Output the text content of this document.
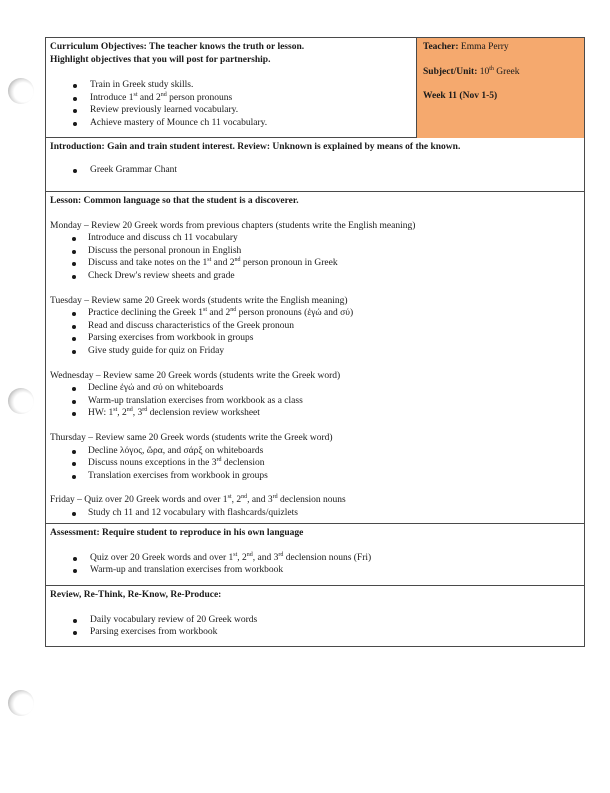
Curriculum Objectives: The teacher knows the truth or lesson.
Highlight objectives that you will post for partnership.
Train in Greek study skills.
Introduce 1st and 2nd person pronouns
Review previously learned vocabulary.
Achieve mastery of Mounce ch 11 vocabulary.
Teacher: Emma Perry
Subject/Unit: 10th Greek
Week 11 (Nov 1-5)
Introduction: Gain and train student interest. Review: Unknown is explained by means of the known.
Greek Grammar Chant
Lesson: Common language so that the student is a discoverer.
Monday – Review 20 Greek words from previous chapters (students write the English meaning)
Introduce and discuss ch 11 vocabulary
Discuss the personal pronoun in English
Discuss and take notes on the 1st and 2nd person pronoun in Greek
Check Drew's review sheets and grade
Tuesday – Review same 20 Greek words (students write the English meaning)
Practice declining the Greek 1st and 2nd person pronouns (ἐγώ and σύ)
Read and discuss characteristics of the Greek pronoun
Parsing exercises from workbook in groups
Give study guide for quiz on Friday
Wednesday – Review same 20 Greek words (students write the Greek word)
Decline ἐγώ and σύ on whiteboards
Warm-up translation exercises from workbook as a class
HW: 1st, 2nd, 3rd declension review worksheet
Thursday – Review same 20 Greek words (students write the Greek word)
Decline λόγος, ὥρα, and σάρξ on whiteboards
Discuss nouns exceptions in the 3rd declension
Translation exercises from workbook in groups
Friday – Quiz over 20 Greek words and over 1st, 2nd, and 3rd declension nouns
Study ch 11 and 12 vocabulary with flashcards/quizlets
Assessment: Require student to reproduce in his own language
Quiz over 20 Greek words and over 1st, 2nd, and 3rd declension nouns (Fri)
Warm-up and translation exercises from workbook
Review, Re-Think, Re-Know, Re-Produce:
Daily vocabulary review of 20 Greek words
Parsing exercises from workbook
